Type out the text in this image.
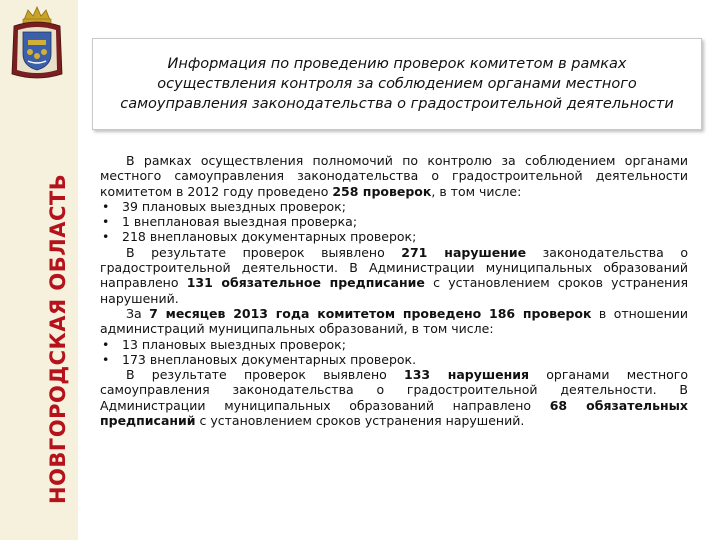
НОВГОРОДСКАЯ ОБЛАСТЬ

Информация по проведению проверок комитетом в рамках осуществления контроля за соблюдением органами местного самоуправления законодательства о градостроительной деятельности

В рамках осуществления полномочий по контролю за соблюдением органами местного самоуправления законодательства о градостроительной деятельности комитетом в 2012 году проведено 258 проверок, в том числе:

• 39 плановых выездных проверок;
• 1 внеплановая выездная проверка;
• 218 внеплановых документарных проверок;

В результате проверок выявлено 271 нарушение законодательства о градостроительной деятельности. В Администрации муниципальных образований направлено 131 обязательное предписание с установлением сроков устранения нарушений.

За 7 месяцев 2013 года комитетом проведено 186 проверок в отношении администраций муниципальных образований, в том числе:

• 13 плановых выездных проверок;
• 173 внеплановых документарных проверок.

В результате проверок выявлено 133 нарушения органами местного самоуправления законодательства о градостроительной деятельности. В Администрации муниципальных образований направлено 68 обязательных предписаний с установлением сроков устранения нарушений.
